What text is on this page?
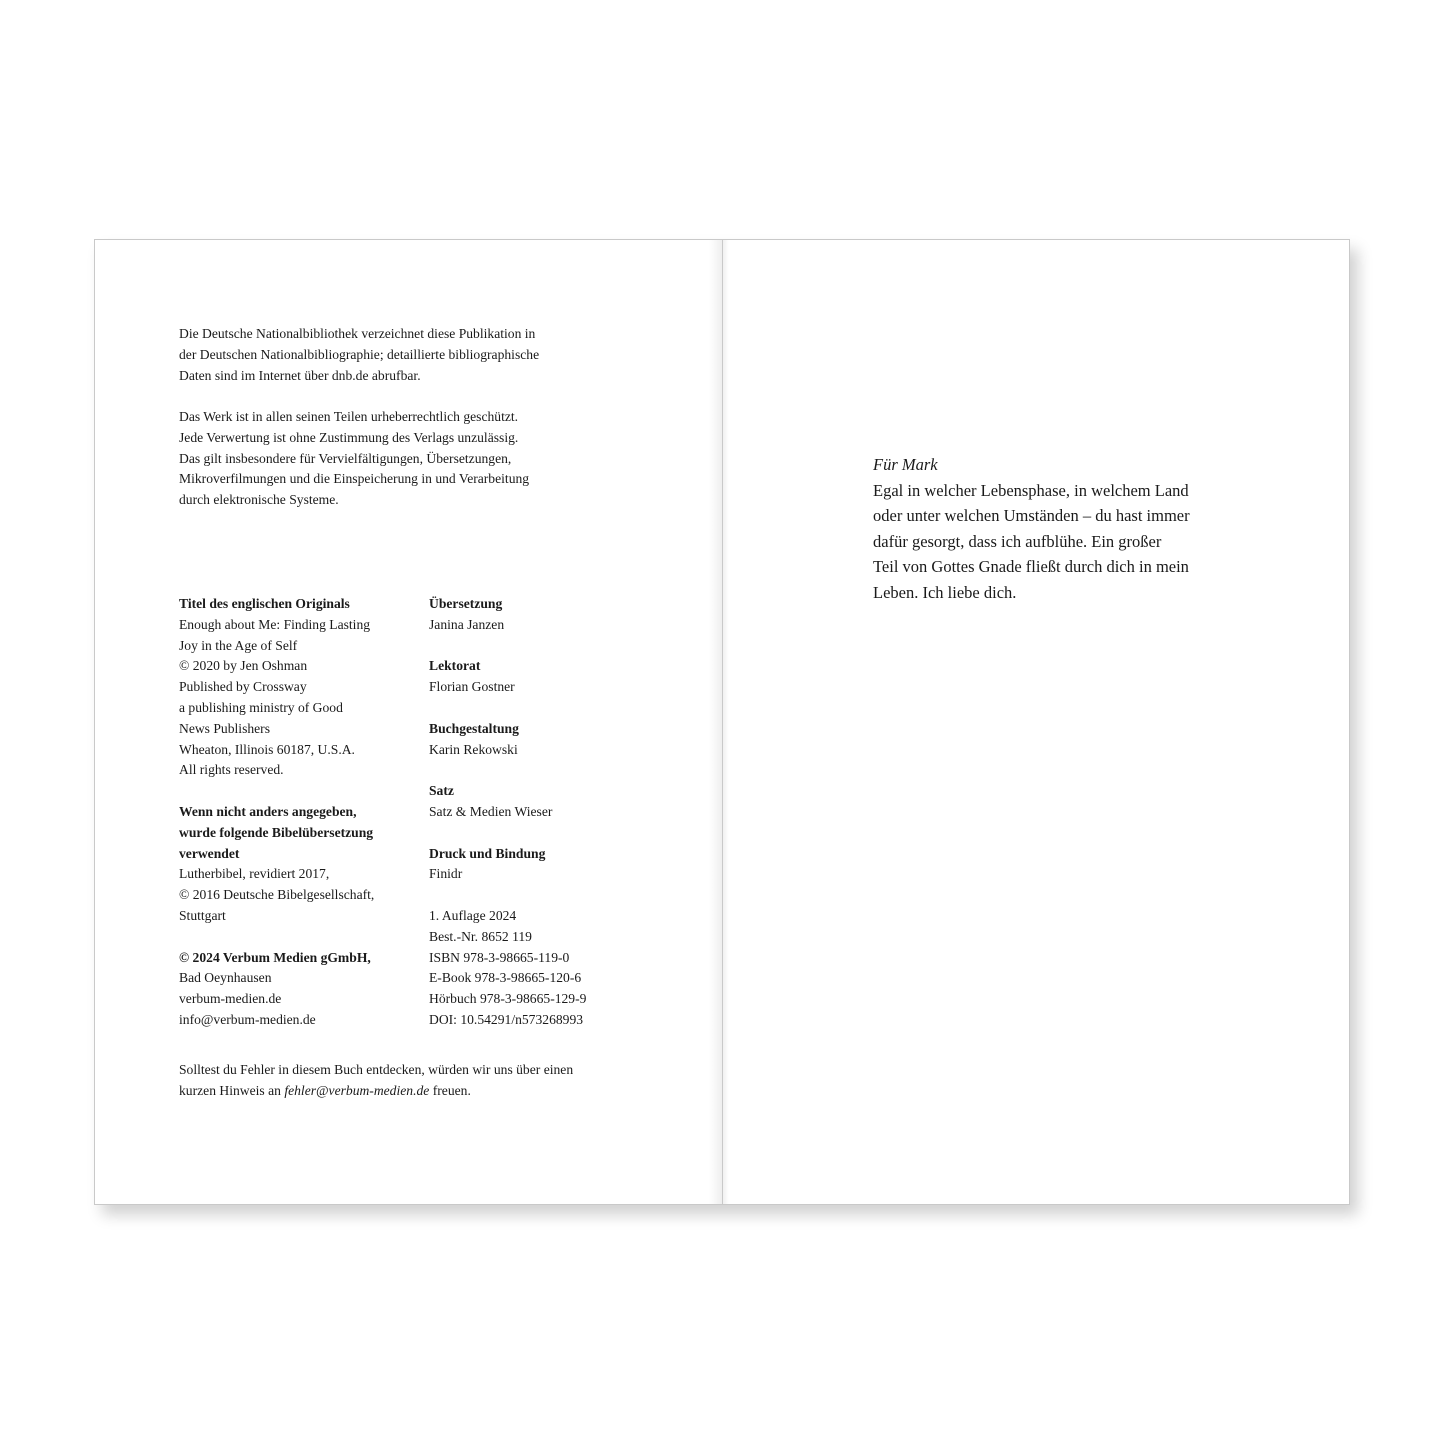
Die Deutsche Nationalbibliothek verzeichnet diese Publikation in
der Deutschen Nationalbibliographie; detaillierte bibliographische
Daten sind im Internet über dnb.de abrufbar.

Das Werk ist in allen seinen Teilen urheberrechtlich geschützt.
Jede Verwertung ist ohne Zustimmung des Verlags unzulässig.
Das gilt insbesondere für Vervielfältigungen, Übersetzungen,
Mikroverfilmungen und die Einspeicherung in und Verarbeitung
durch elektronische Systeme.

Titel des englischen Originals
Enough about Me: Finding Lasting
Joy in the Age of Self
© 2020 by Jen Oshman
Published by Crossway
a publishing ministry of Good
News Publishers
Wheaton, Illinois 60187, U.S.A.
All rights reserved.
Wenn nicht anders angegeben,
wurde folgende Bibelübersetzung
verwendet
Lutherbibel, revidiert 2017,
© 2016 Deutsche Bibelgesellschaft,
Stuttgart
© 2024 Verbum Medien gGmbH,
Bad Oeynhausen
verbum-medien.de
info@verbum-medien.de
Übersetzung
Janina Janzen
Lektorat
Florian Gostner
Buchgestaltung
Karin Rekowski
Satz
Satz & Medien Wieser
Druck und Bindung
Finidr
1. Auflage 2024
Best.-Nr. 8652 119
ISBN 978-3-98665-119-0
E-Book 978-3-98665-120-6
Hörbuch 978-3-98665-129-9
DOI: 10.54291/n573268993

Solltest du Fehler in diesem Buch entdecken, würden wir uns über einen
kurzen Hinweis an fehler@verbum-medien.de freuen.

Für Mark
Egal in welcher Lebensphase, in welchem Land
oder unter welchen Umständen – du hast immer
dafür gesorgt, dass ich aufblühe. Ein großer
Teil von Gottes Gnade fließt durch dich in mein
Leben. Ich liebe dich.
